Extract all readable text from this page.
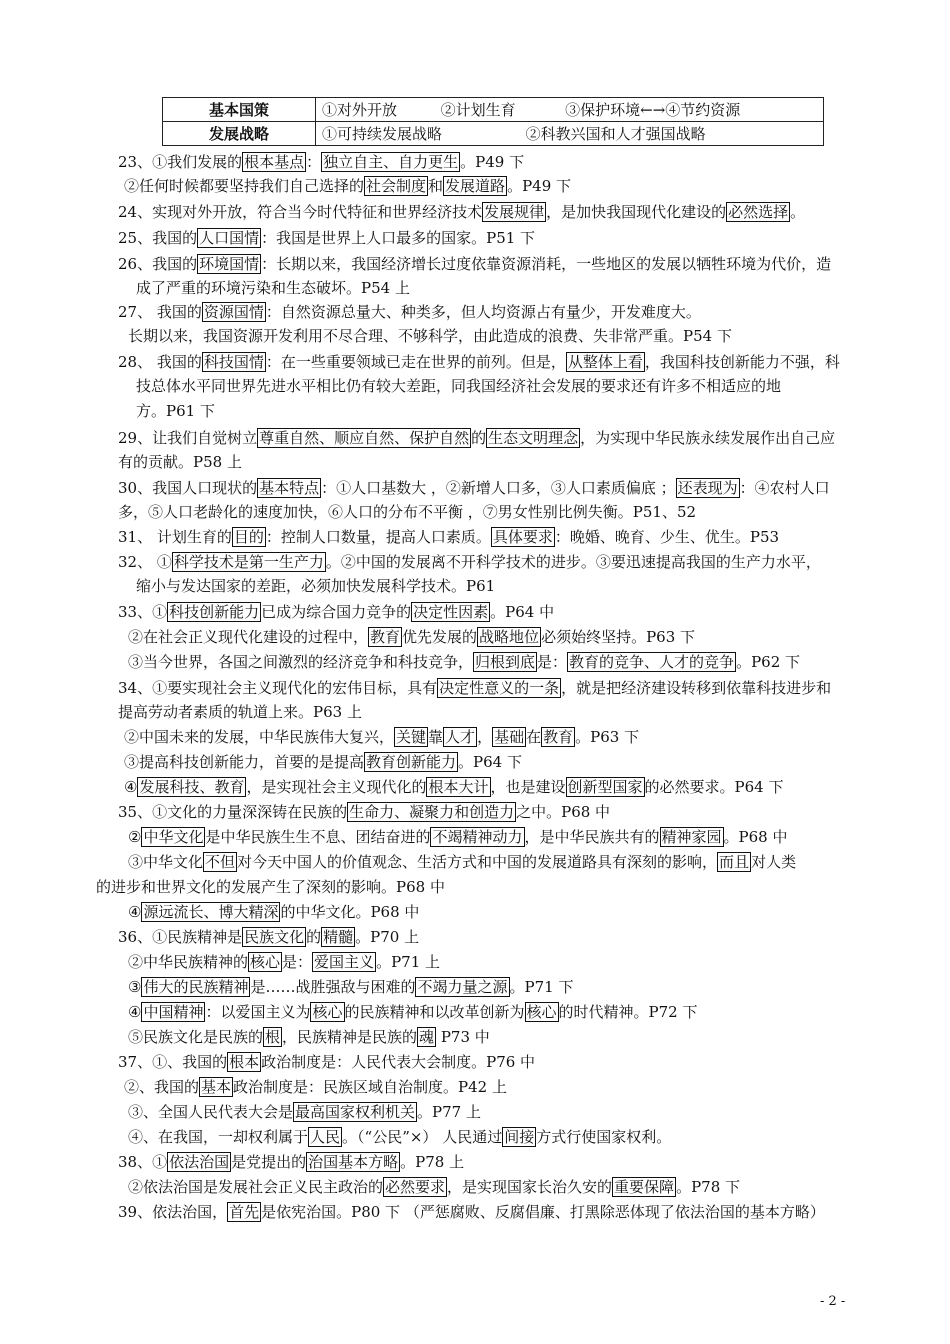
基本国策	①对外开放 ②计划生育 ③保护环境←→④节约资源
发展战略	①可持续发展战略 ②科教兴国和人才强国战略
23、①我们发展的 根本基点 ： 独立自主、自力更生 。P49 下
②任何时候都要坚持我们自己选择的 社会制度 和 发展道路 。P49 下
24、实现对外开放，符合当今时代特征和世界经济技术 发展规律 ，是加快我国现代化建设的 必然选择 。
25、我国的 人口国情 ：我国是世界上人口最多的国家。P51 下
26、我国的 环境国情 ：长期以来，我国经济增长过度依靠资源消耗，一些地区的发展以牺牲环境为代价，造
成了严重的环境污染和生态破坏。P54 上
27、 我国的 资源国情 ：自然资源总量大、种类多，但人均资源占有量少，开发难度大。
长期以来，我国资源开发利用不尽合理、不够科学，由此造成的浪费、失非常严重。P54 下
28、 我国的 科技国情 ：在一些重要领域已走在世界的前列。但是， 从整体上看 ，我国科技创新能力不强，科
技总体水平同世界先进水平相比仍有较大差距，同我国经济社会发展的要求还有许多不相适应的地
方。P61 下
29、让我们自觉树立 尊重自然、顺应自然、保护自然 的 生态文明理念 ，为实现中华民族永续发展作出自己应
有的贡献。P58 上
30、我国人口现状的 基本特点 ：①人口基数大 ，②新增人口多，③人口素质偏底 ； 还表现为 ：④农村人口
多，⑤人口老龄化的速度加快，⑥人口的分布不平衡 ，⑦男女性别比例失衡。P51、52
31、 计划生育的 目的 ：控制人口数量，提高人口素质。 具体要求 ：晚婚、晚育、少生、优生。P53
32、 ① 科学技术是第一生产力 。②中国的发展离不开科学技术的进步。③要迅速提高我国的生产力水平，
缩小与发达国家的差距，必须加快发展科学技术。P61
33、① 科技创新能力 已成为综合国力竞争的 决定性因素 。P64 中
②在社会正义现代化建设的过程中， 教育 优先发展的 战略地位 必须始终坚持。P63 下
③当今世界，各国之间激烈的经济竞争和科技竞争， 归根到底 是： 教育的竞争、人才的竞争 。P62 下
34、①要实现社会主义现代化的宏伟目标，具有 决定性意义的一条 ，就是把经济建设转移到依靠科技进步和
提高劳动者素质的轨道上来。P63 上
②中国未来的发展，中华民族伟大复兴， 关键 靠 人才 ， 基础 在 教育 。P63 下
③提高科技创新能力，首要的是提高 教育创新能力 。P64 下
④ 发展科技、教育 ，是实现社会主义现代化的 根本大计 ，也是建设 创新型国家 的必然要求。P64 下
35、①文化的力量深深铸在民族的 生命力、凝聚力和创造力 之中。P68 中
② 中华文化 是中华民族生生不息、团结奋进的 不竭精神动力 ，是中华民族共有的 精神家园 。P68 中
③中华文化 不但 对今天中国人的价值观念、生活方式和中国的发展道路具有深刻的影响， 而且 对人类
的进步和世界文化的发展产生了深刻的影响。P68 中
④ 源远流长、博大精深 的中华文化。P68 中
36、①民族精神是 民族文化 的 精髓 。P70 上
②中华民族精神的 核心 是： 爱国主义 。P71 上
③ 伟大的民族精神 是……战胜强敌与困难的 不竭力量之源 。P71 下
④ 中国精神 ：以爱国主义为 核心 的民族精神和以改革创新为 核心 的时代精神。P72 下
⑤民族文化是民族的 根 ，民族精神是民族的 魂 P73 中
37、①、我国的 根本 政治制度是：人民代表大会制度。P76 中
②、我国的 基本 政治制度是：民族区域自治制度。P42 上
③、全国人民代表大会是 最高国家权利机关 。P77 上
④、在我国，一却权利属于 人民 。（“公民”×） 人民通过 间接 方式行使国家权利。
38、① 依法治国 是党提出的 治国基本方略 。P78 上
②依法治国是发展社会正义民主政治的 必然要求 ，是实现国家长治久安的 重要保障 。P78 下
39、依法治国， 首先 是依宪治国。P80 下 （严惩腐败、反腐倡廉、打黑除恶体现了依法治国的基本方略）
- 2 -
